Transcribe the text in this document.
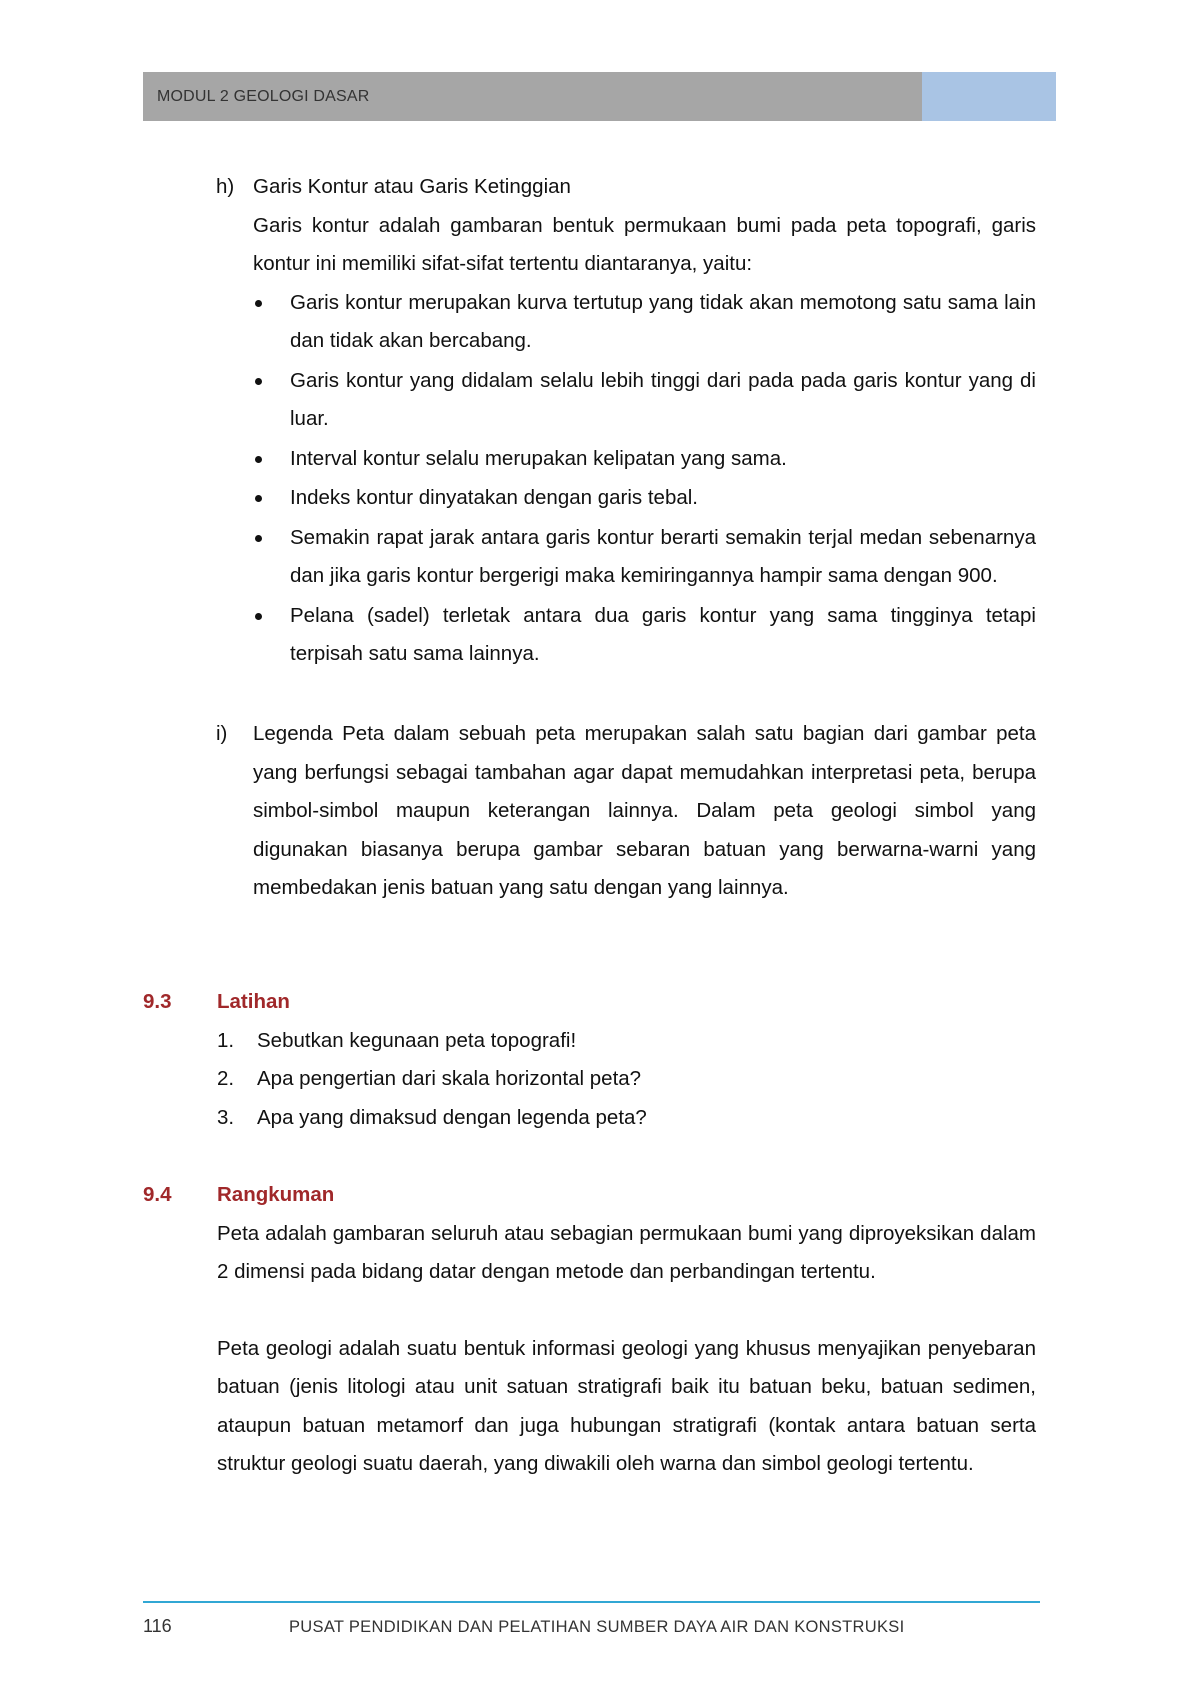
MODUL 2 GEOLOGI DASAR
h) Garis Kontur atau Garis Ketinggian

Garis kontur adalah gambaran bentuk permukaan bumi pada peta topografi, garis kontur ini memiliki sifat-sifat tertentu diantaranya, yaitu:

Garis kontur merupakan kurva tertutup yang tidak akan memotong satu sama lain dan tidak akan bercabang.
Garis kontur yang didalam selalu lebih tinggi dari pada pada garis kontur yang di luar.
Interval kontur selalu merupakan kelipatan yang sama.
Indeks kontur dinyatakan dengan garis tebal.
Semakin rapat jarak antara garis kontur berarti semakin terjal medan sebenarnya dan jika garis kontur bergerigi maka kemiringannya hampir sama dengan 900.
Pelana (sadel) terletak antara dua garis kontur yang sama tingginya tetapi terpisah satu sama lainnya.
i)	Legenda Peta dalam sebuah peta merupakan salah satu bagian dari gambar peta yang berfungsi sebagai tambahan agar dapat memudahkan interpretasi peta, berupa simbol-simbol maupun keterangan lainnya. Dalam peta geologi simbol yang digunakan biasanya berupa gambar sebaran batuan yang berwarna-warni yang membedakan jenis batuan yang satu dengan yang lainnya.

9.3	Latihan
1.	Sebutkan kegunaan peta topografi!
2.	Apa pengertian dari skala horizontal peta?
3.	Apa yang dimaksud dengan legenda peta?
9.4	Rangkuman

Peta adalah gambaran seluruh atau sebagian permukaan bumi yang diproyeksikan dalam 2 dimensi pada bidang datar dengan metode dan perbandingan tertentu.

Peta geologi adalah suatu bentuk informasi geologi yang khusus menyajikan penyebaran batuan (jenis litologi atau unit satuan stratigrafi baik itu batuan beku, batuan sedimen, ataupun batuan metamorf dan juga hubungan stratigrafi (kontak antara batuan serta struktur geologi suatu daerah, yang diwakili oleh warna dan simbol geologi tertentu.

116	PUSAT PENDIDIKAN DAN PELATIHAN SUMBER DAYA AIR DAN KONSTRUKSI
